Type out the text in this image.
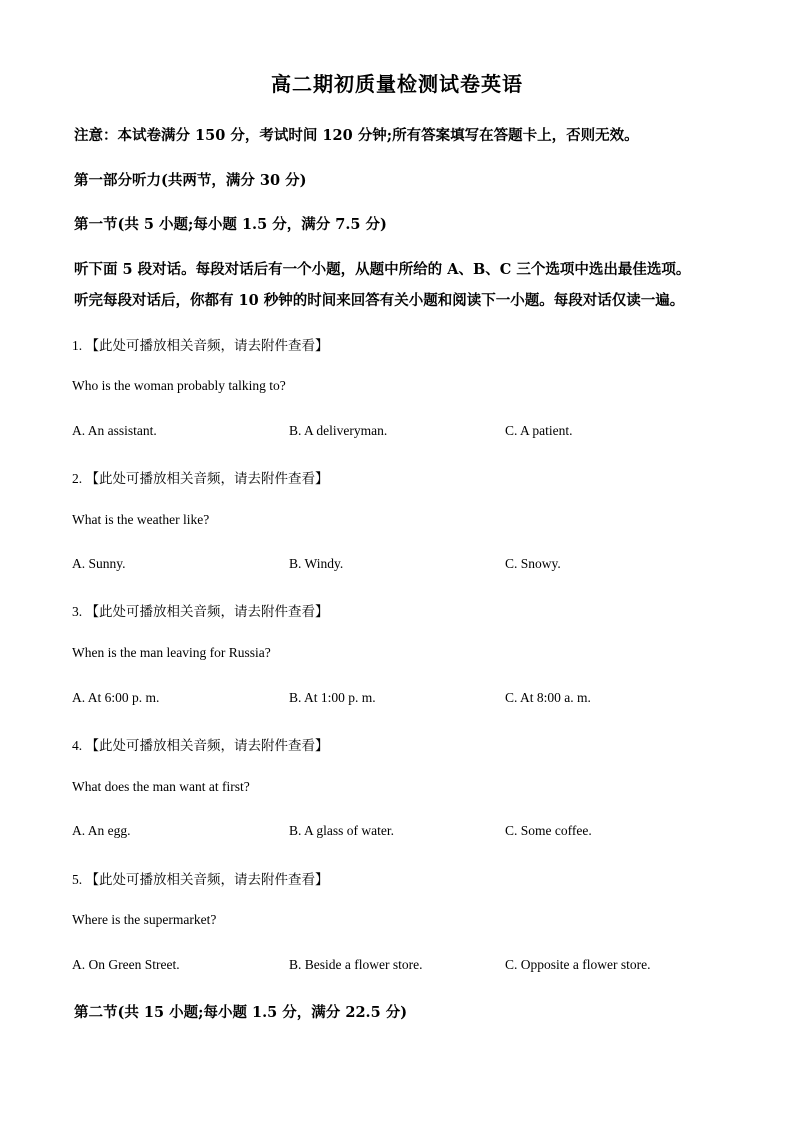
高二期初质量检测试卷英语
注意：本试卷满分 150 分，考试时间 120 分钟;所有答案填写在答题卡上，否则无效。
第一部分听力(共两节，满分 30 分)
第一节(共 5 小题;每小题 1.5 分，满分 7.5 分)
听下面 5 段对话。每段对话后有一个小题，从题中所给的 A、B、C 三个选项中选出最佳选项。
听完每段对话后，你都有 10 秒钟的时间来回答有关小题和阅读下一小题。每段对话仅读一遍。
1. 【此处可播放相关音频，请去附件查看】
Who is the woman probably talking to?
A. An assistant.	B. A deliveryman.	C. A patient.
2. 【此处可播放相关音频，请去附件查看】
What is the weather like?
A. Sunny.	B. Windy.	C. Snowy.
3. 【此处可播放相关音频，请去附件查看】
When is the man leaving for Russia?
A. At 6:00 p. m.	B. At 1:00 p. m.	C. At 8:00 a. m.
4. 【此处可播放相关音频，请去附件查看】
What does the man want at first?
A. An egg.	B. A glass of water.	C. Some coffee.
5. 【此处可播放相关音频，请去附件查看】
Where is the supermarket?
A. On Green Street.	B. Beside a flower store.	C. Opposite a flower store.
第二节(共 15 小题;每小题 1.5 分，满分 22.5 分)
